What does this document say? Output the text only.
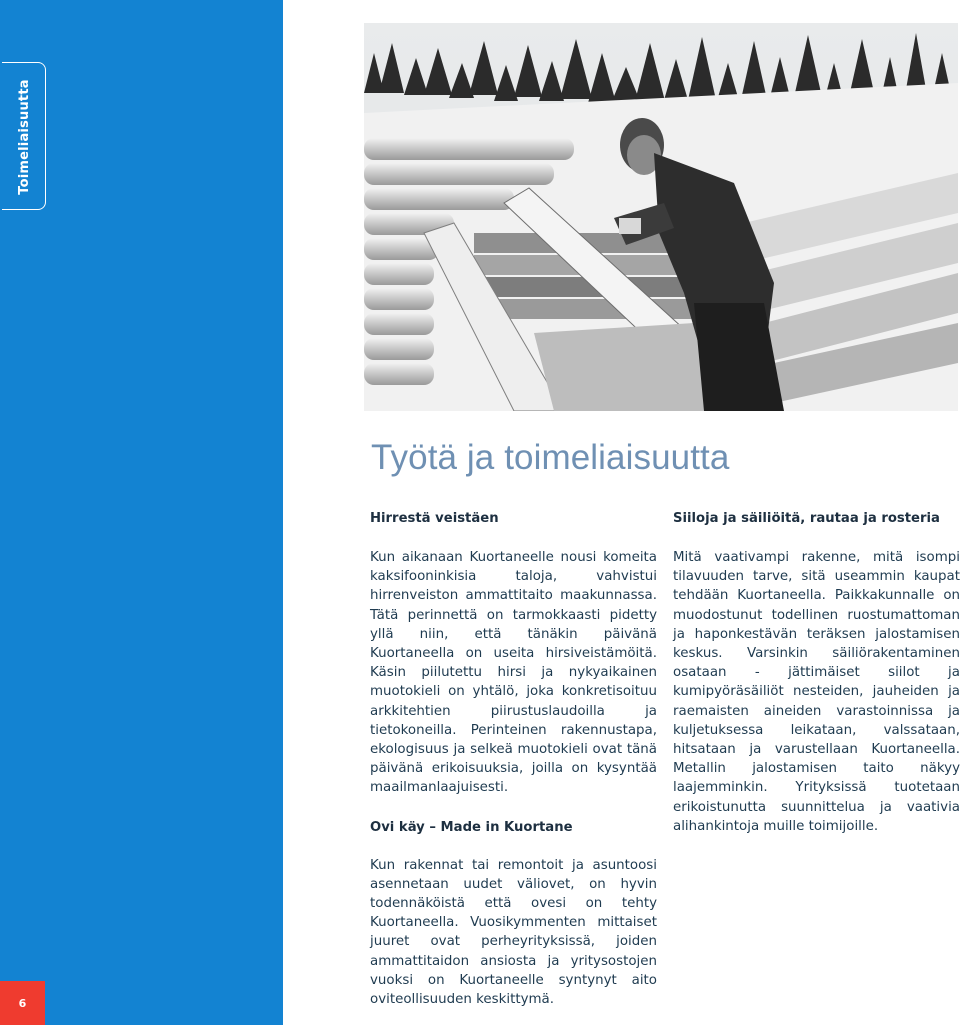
Toimeliaisuutta
6
Työtä ja toimeliaisuutta
Hirrestä veistäen

Kun aikanaan Kuortaneelle nousi komeita kaksifooninkisia taloja, vahvistui hirrenveiston ammattitaito maakunnassa. Tätä perinnettä on tarmokkaasti pidetty yllä niin, että tänäkin päivänä Kuortaneella on useita hirsiveistämöitä. Käsin piilutettu hirsi ja nykyaikainen muotokieli on yhtälö, joka konkretisoituu arkkitehtien piirustuslaudoilla ja tietokoneilla. Perinteinen rakennustapa, ekologisuus ja selkeä muotokieli ovat tänä päivänä erikoisuuksia, joilla on kysyntää maailmanlaajuisesti.

Ovi käy – Made in Kuortane

Kun rakennat tai remontoit ja asuntoosi asennetaan uudet väliovet, on hyvin todennäköistä että ovesi on tehty Kuortaneella. Vuosikymmenten mittaiset juuret ovat perheyrityksissä, joiden ammattitaidon ansiosta ja yritysostojen vuoksi on Kuortaneelle syntynyt aito oviteollisuuden keskittymä.

Siiloja ja säiliöitä, rautaa ja rosteria

Mitä vaativampi rakenne, mitä isompi tilavuuden tarve, sitä useammin kaupat tehdään Kuortaneella. Paikkakunnalle on muodostunut todellinen ruostumattoman ja haponkestävän teräksen jalostamisen keskus. Varsinkin säiliörakentaminen osataan - jättimäiset siilot ja kumipyöräsäiliöt nesteiden, jauheiden ja raemaisten aineiden varastoinnissa ja kuljetuksessa leikataan, valssataan, hitsataan ja varustellaan Kuortaneella. Metallin jalostamisen taito näkyy laajemminkin. Yrityksissä tuotetaan erikoistunutta suunnittelua ja vaativia alihankintoja muille toimijoille.
